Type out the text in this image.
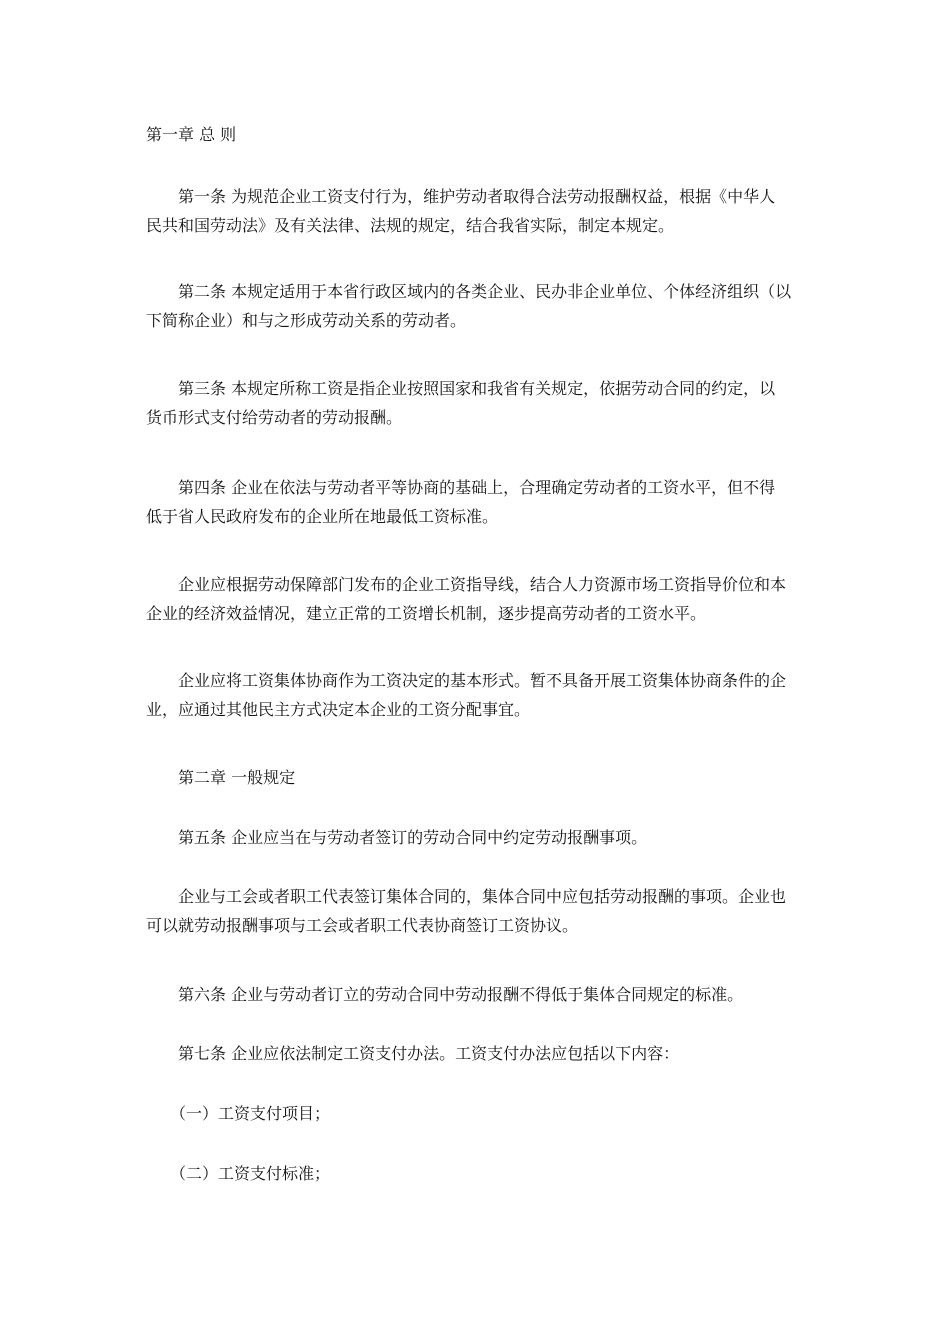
第一章 总 则

第一条 为规范企业工资支付行为，维护劳动者取得合法劳动报酬权益，根据《中华人
民共和国劳动法》及有关法律、法规的规定，结合我省实际，制定本规定。

第二条 本规定适用于本省行政区域内的各类企业、民办非企业单位、个体经济组织（以
下简称企业）和与之形成劳动关系的劳动者。

第三条 本规定所称工资是指企业按照国家和我省有关规定，依据劳动合同的约定，以
货币形式支付给劳动者的劳动报酬。

第四条 企业在依法与劳动者平等协商的基础上，合理确定劳动者的工资水平，但不得
低于省人民政府发布的企业所在地最低工资标准。

企业应根据劳动保障部门发布的企业工资指导线，结合人力资源市场工资指导价位和本
企业的经济效益情况，建立正常的工资增长机制，逐步提高劳动者的工资水平。

企业应将工资集体协商作为工资决定的基本形式。暂不具备开展工资集体协商条件的企
业，应通过其他民主方式决定本企业的工资分配事宜。

第二章 一般规定

第五条 企业应当在与劳动者签订的劳动合同中约定劳动报酬事项。

企业与工会或者职工代表签订集体合同的，集体合同中应包括劳动报酬的事项。企业也
可以就劳动报酬事项与工会或者职工代表协商签订工资协议。

第六条 企业与劳动者订立的劳动合同中劳动报酬不得低于集体合同规定的标准。

第七条 企业应依法制定工资支付办法。工资支付办法应包括以下内容：

（一）工资支付项目；

（二）工资支付标准；
